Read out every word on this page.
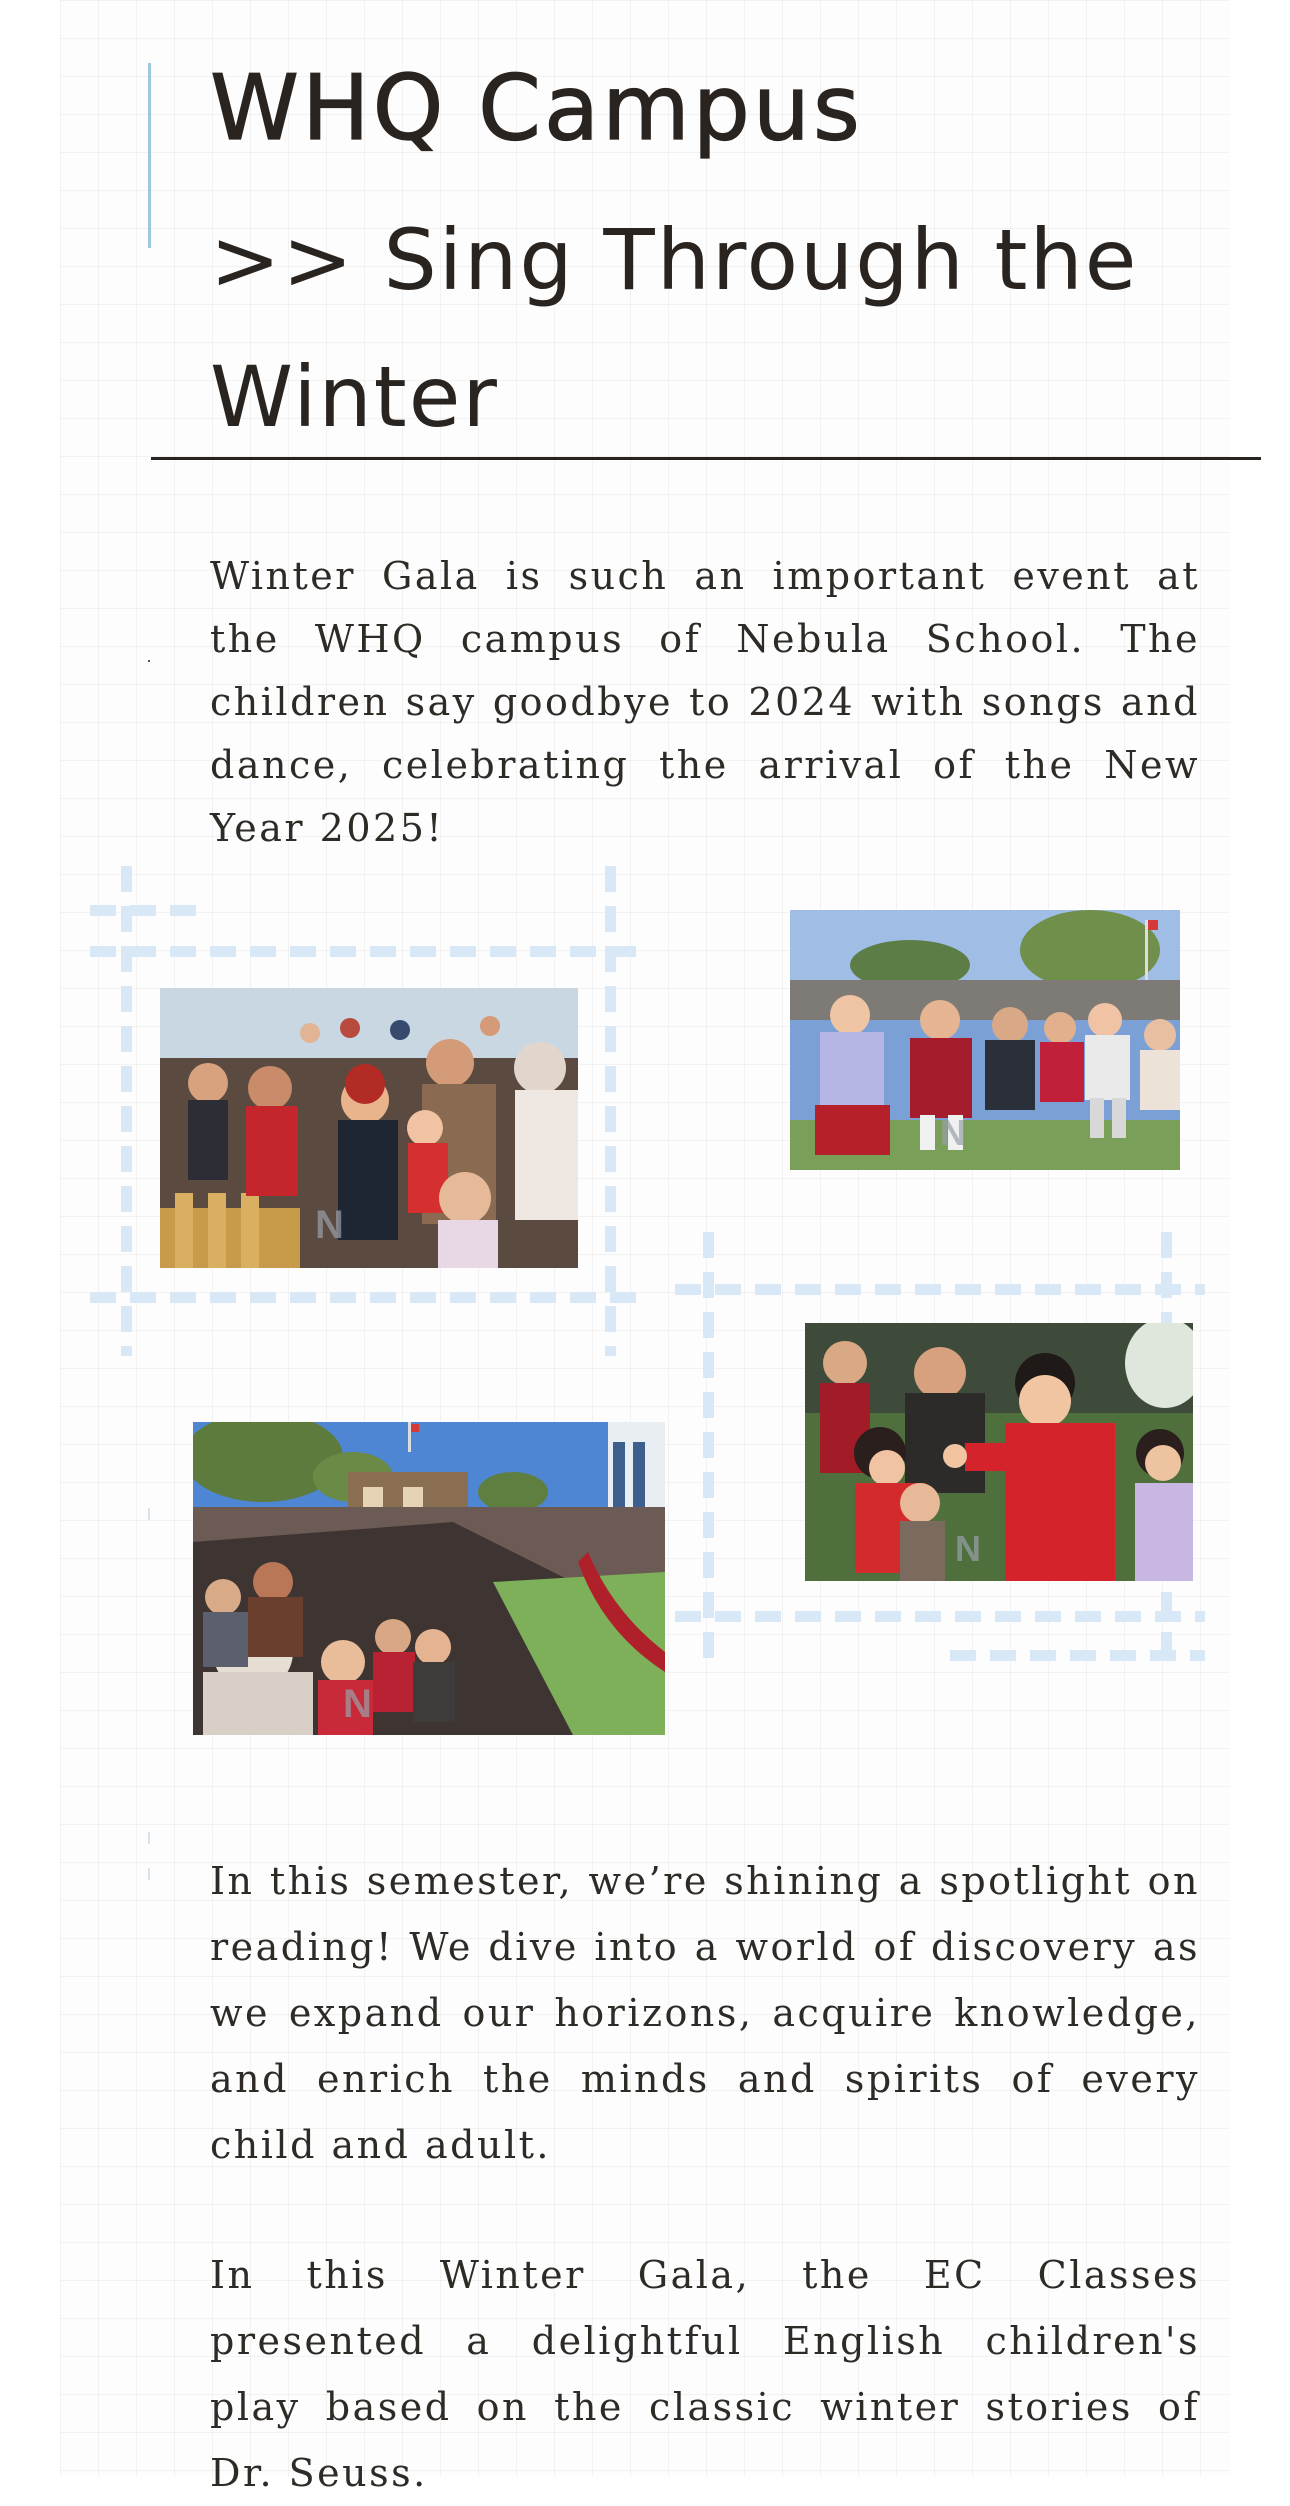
WHQ Campus
>> Sing Through the Winter

Winter Gala is such an important event at the WHQ campus of Nebula School. The children say goodbye to 2024 with songs and dance, celebrating the arrival of the New Year 2025!

N
N
N
N

In this semester, we’re shining a spotlight on reading! We dive into a world of discovery as we expand our horizons, acquire knowledge, and enrich the minds and spirits of every child and adult.

In this Winter Gala, the EC Classes presented a delightful English children's play based on the classic winter stories of Dr. Seuss.
